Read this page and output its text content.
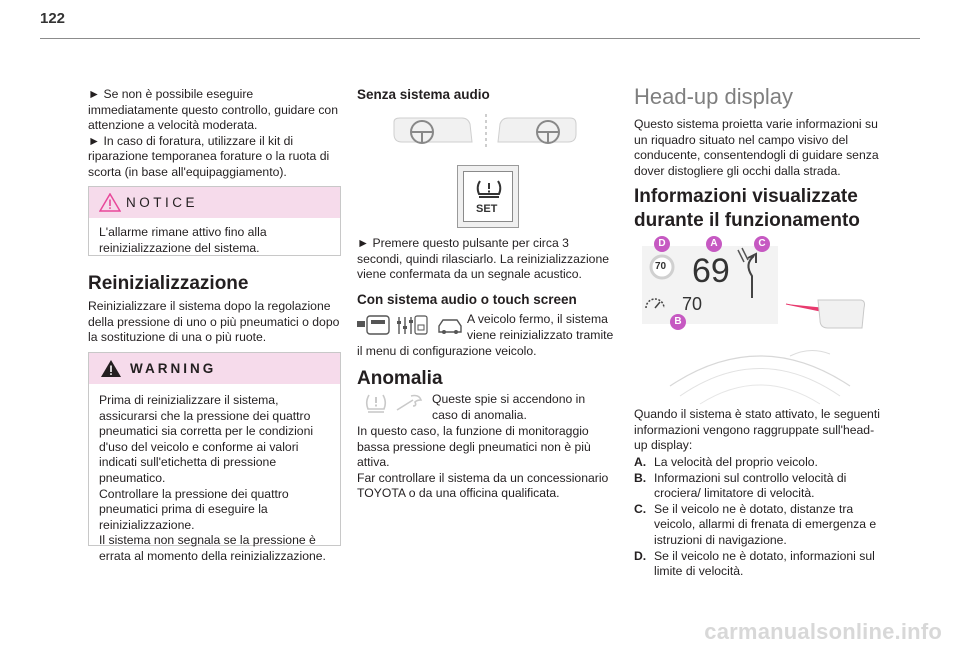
122

► Se non è possibile eseguire immediatamente questo controllo, guidare con attenzione a velocità moderata.

► In caso di foratura, utilizzare il kit di riparazione temporanea forature o la ruota di scorta (in base all'equipaggiamento).

NOTICE
L'allarme rimane attivo fino alla reinizializzazione del sistema.
Reinizializzazione
Reinizializzare il sistema dopo la regolazione della pressione di uno o più pneumatici o dopo la sostituzione di una o più ruote.
WARNING

Prima di reinizializzare il sistema, assicurarsi che la pressione dei quattro pneumatici sia corretta per le condizioni d'uso del veicolo e conforme ai valori indicati sull'etichetta di pressione pneumatico.

Controllare la pressione dei quattro pneumatici prima di eseguire la reinizializzazione.

Il sistema non segnala se la pressione è errata al momento della reinizializzazione.

Senza sistema audio
SET
► Premere questo pulsante per circa 3 secondi, quindi rilasciarlo. La reinizializzazione viene confermata da un segnale acustico.
Con sistema audio o touch screen
A veicolo fermo, il sistema viene reinizializzato tramite
il menu di configurazione veicolo.
Anomalia
Queste spie si accendono in caso di anomalia.

In questo caso, la funzione di monitoraggio bassa pressione degli pneumatici non è più attiva.

Far controllare il sistema da un concessionario TOYOTA o da una officina qualificata.

Head-up display
Questo sistema proietta varie informazioni su un riquadro situato nel campo visivo del conducente, consentendogli di guidare senza dover distogliere gli occhi dalla strada.
Informazioni visualizzate durante il funzionamento
70 69
70
D	A	C
B
Quando il sistema è stato attivato, le seguenti informazioni vengono raggruppate sull'head-up display:

A. La velocità del proprio veicolo.

B. Informazioni sul controllo velocità di crociera/ limitatore di velocità.

C. Se il veicolo ne è dotato, distanze tra veicolo, allarmi di frenata di emergenza e istruzioni di navigazione.

D. Se il veicolo ne è dotato, informazioni sul limite di velocità.

carmanualsonline.info
